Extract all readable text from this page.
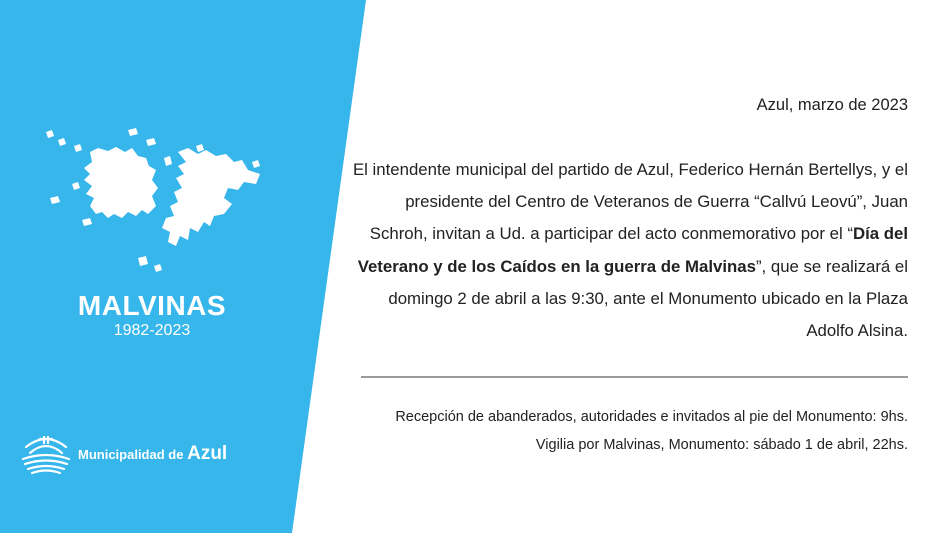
MALVINAS
1982-2023
Municipalidad de Azul
Azul, marzo de 2023
El intendente municipal del partido de Azul, Federico Hernán Bertellys, y el presidente del Centro de Veteranos de Guerra “Callvú Leovú”, Juan Schroh, invitan a Ud. a participar del acto conmemorativo por el “Día del Veterano y de los Caídos en la guerra de Malvinas”, que se realizará el domingo 2 de abril a las 9:30, ante el Monumento ubicado en la Plaza Adolfo Alsina.
Recepción de abanderados, autoridades e invitados al pie del Monumento: 9hs.
Vigilia por Malvinas, Monumento: sábado 1 de abril, 22hs.
